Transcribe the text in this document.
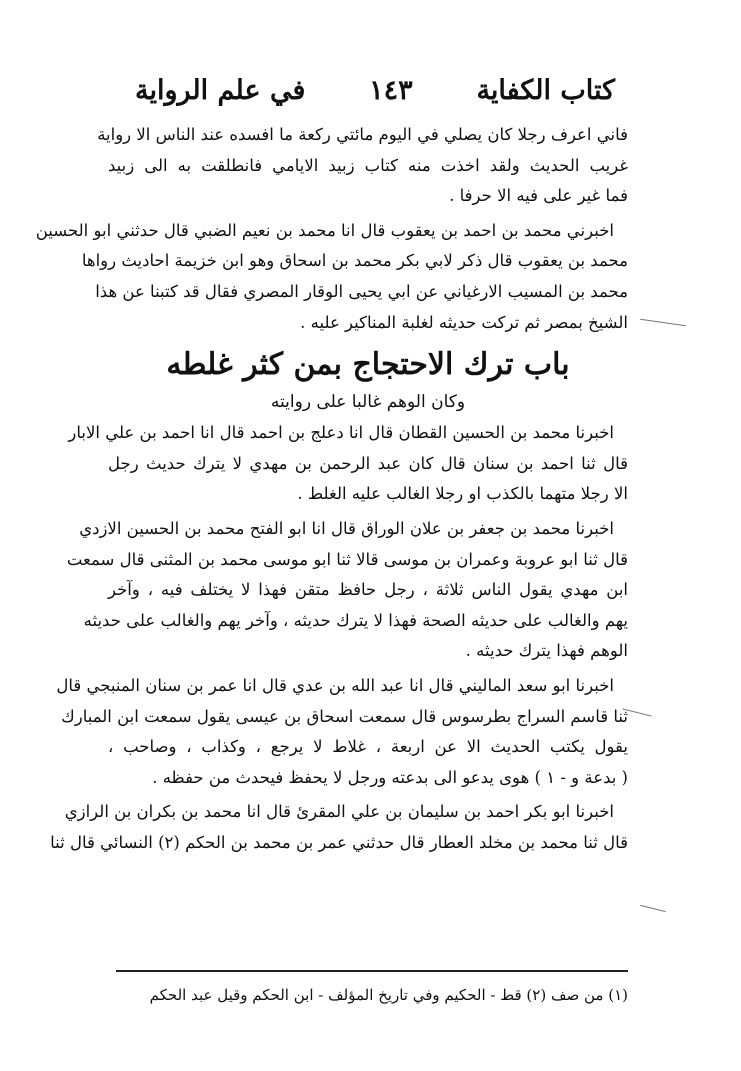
كتاب الكفاية
١٤٣
في علم الرواية
فاني اعرف رجلا كان يصلي في اليوم مائتي ركعة ما افسده عند الناس الا رواية
غريب الحديث ولقد اخذت منه كتاب زبيد الايامي فانطلقت به الى زبيد
فما غير على فيه الا حرفا .
اخبرني محمد بن احمد بن يعقوب قال انا محمد بن نعيم الضبي قال حدثني ابو الحسين
محمد بن يعقوب قال ذكر لابي بكر محمد بن اسحاق وهو ابن خزيمة احاديث رواها
محمد بن المسيب الارغياني عن ابي يحيى الوقار المصري فقال قد كتبنا عن هذا
الشيخ بمصر ثم تركت حديثه لغلبة المناكير عليه .
باب ترك الاحتجاج بمن كثر غلطه
وكان الوهم غالبا على روايته
اخبرنا محمد بن الحسين القطان قال انا دعلج بن احمد قال انا احمد بن علي الابار
قال ثنا احمد بن سنان قال كان عبد الرحمن بن مهدي لا يترك حديث رجل
الا رجلا متهما بالكذب او رجلا الغالب عليه الغلط .
اخبرنا محمد بن جعفر بن علان الوراق قال انا ابو الفتح محمد بن الحسين الازدي
قال ثنا ابو عروبة وعمران بن موسى قالا ثنا ابو موسى محمد بن المثنى قال سمعت
ابن مهدي يقول الناس ثلاثة ، رجل حافظ متقن فهذا لا يختلف فيه ، وآخر
يهم والغالب على حديثه الصحة فهذا لا يترك حديثه ، وآخر يهم والغالب على حديثه
الوهم فهذا يترك حديثه .
اخبرنا ابو سعد الماليني قال انا عبد الله بن عدي قال انا عمر بن سنان المنبجي قال
ثنا قاسم السراج بطرسوس قال سمعت اسحاق بن عيسى يقول سمعت ابن المبارك
يقول يكتب الحديث الا عن اربعة ، غلاط لا يرجع ، وكذاب ، وصاحب ،
( بدعة و - ١ ) هوى يدعو الى بدعته ورجل لا يحفظ فيحدث من حفظه .
اخبرنا ابو بكر احمد بن سليمان بن علي المقرئ قال انا محمد بن بكران بن الرازي
قال ثنا محمد بن مخلد العطار قال حدثني عمر بن محمد بن الحكم (٢) النسائي قال ثنا
(١) من صف (٢) قط - الحكيم وفي تاريخ المؤلف - ابن الحكم وقيل عبد الحكم
